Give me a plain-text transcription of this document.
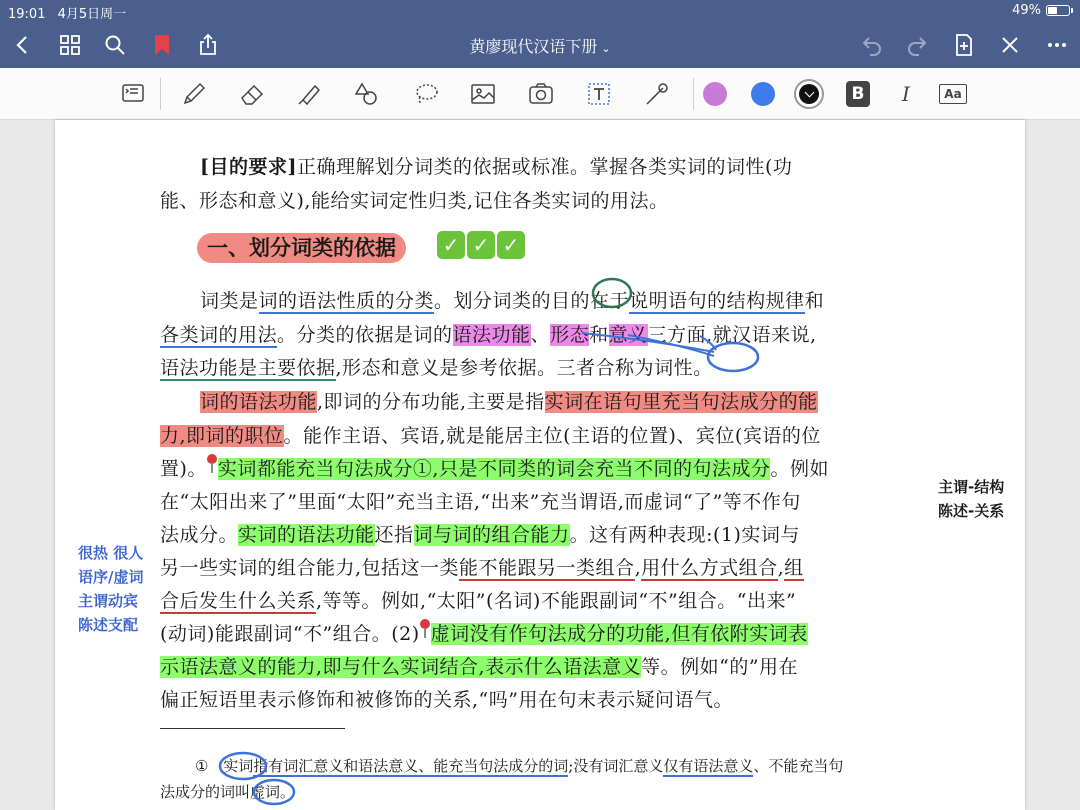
19:01 4月5日周一	49%
黄廖现代汉语下册 ⌄
B	I	Aa
[目的要求]正确理解划分词类的依据或标准。掌握各类实词的词性(功
能、形态和意义),能给实词定性归类,记住各类实词的用法。
一、划分词类的依据	✓ ✓ ✓
词类是词的语法性质的分类。划分词类的目的在于说明语句的结构规律和
各类词的用法。分类的依据是词的语法功能、形态和意义三方面,就汉语来说,
语法功能是主要依据,形态和意义是参考依据。三者合称为词性。
词的语法功能,即词的分布功能,主要是指实词在语句里充当句法成分的能
力,即词的职位。能作主语、宾语,就是能居主位(主语的位置)、宾位(宾语的位
置)。 实词都能充当句法成分①,只是不同类的词会充当不同的句法成分。例如
在“太阳出来了”里面“太阳”充当主语,“出来”充当谓语,而虚词“了”等不作句
法成分。实词的语法功能还指词与词的组合能力。这有两种表现:(1)实词与
另一些实词的组合能力,包括这一类能不能跟另一类组合,用什么方式组合,组
合后发生什么关系,等等。例如,“太阳”(名词)不能跟副词“不”组合。“出来”
(动词)能跟副词“不”组合。(2) 虚词没有作句法成分的功能,但有依附实词表
示语法意义的能力,即与什么实词结合,表示什么语法意义等。例如“的”用在
偏正短语里表示修饰和被修饰的关系,“吗”用在句末表示疑问语气。
① 实词指有词汇意义和语法意义、能充当句法成分的词;没有词汇意义仅有语法意义、不能充当句
法成分的词叫虚词。
很热 很人
语序/虚词
主谓动宾
陈述支配
主谓-结构
陈述-关系
